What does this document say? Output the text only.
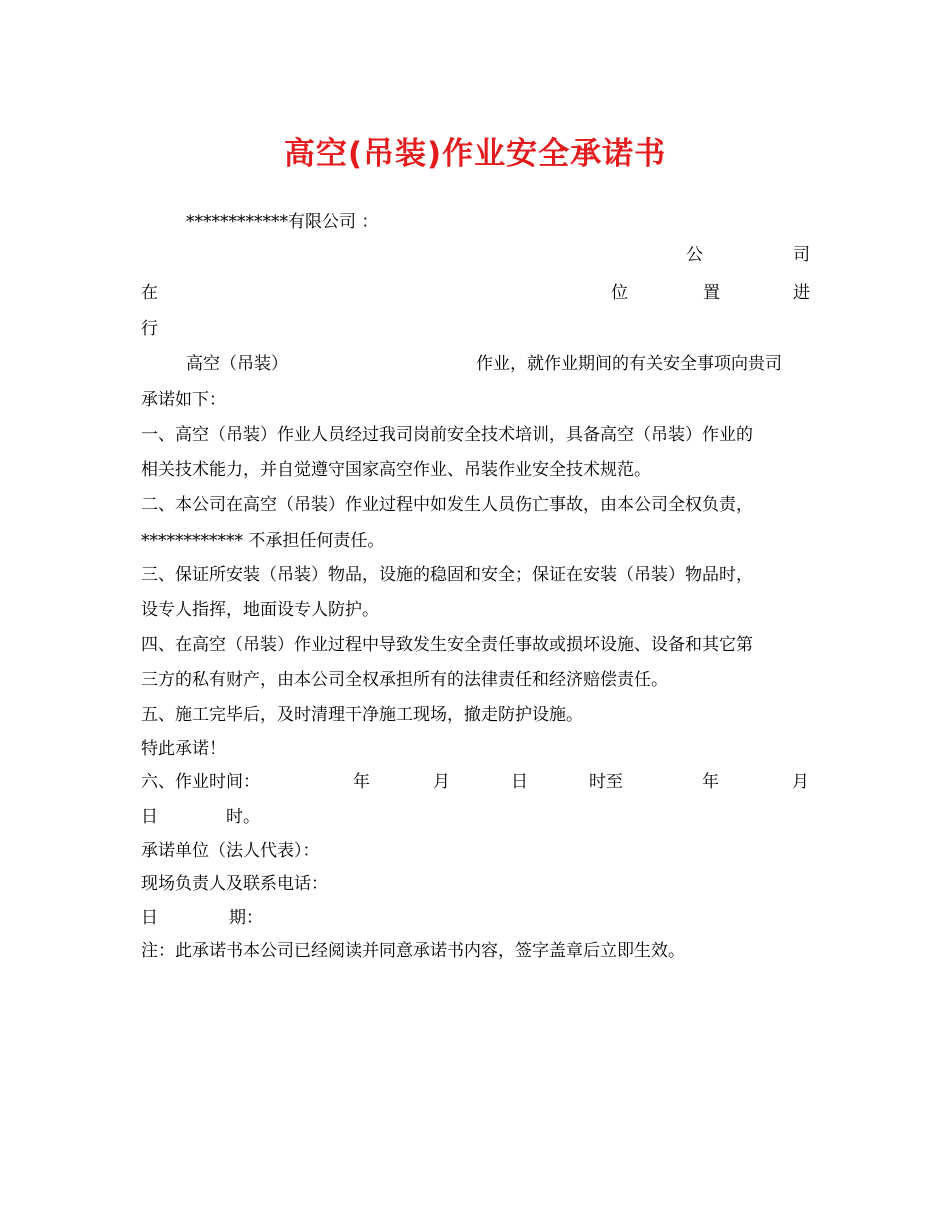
高空(吊装)作业安全承诺书
************有限公司 ：
公	司
在	位	置	进
行
高空（吊装）	作业，就作业期间的有关安全事项向贵司
承诺如下：
一、高空（吊装）作业人员经过我司岗前安全技术培训，具备高空（吊装）作业的
相关技术能力，并自觉遵守国家高空作业、吊装作业安全技术规范。
二、本公司在高空（吊装）作业过程中如发生人员伤亡事故，由本公司全权负责，
************ 不承担任何责任。
三、保证所安装（吊装）物品，设施的稳固和安全；保证在安装（吊装）物品时，
设专人指挥，地面设专人防护。
四、在高空（吊装）作业过程中导致发生安全责任事故或损坏设施、设备和其它第
三方的私有财产，由本公司全权承担所有的法律责任和经济赔偿责任。
五、施工完毕后，及时清理干净施工现场，撤走防护设施。
特此承诺！
六、作业时间：	年	月	日	时至	年	月
日	时。
承诺单位（法人代表）：
现场负责人及联系电话：
日	期：
注：此承诺书本公司已经阅读并同意承诺书内容，签字盖章后立即生效。
